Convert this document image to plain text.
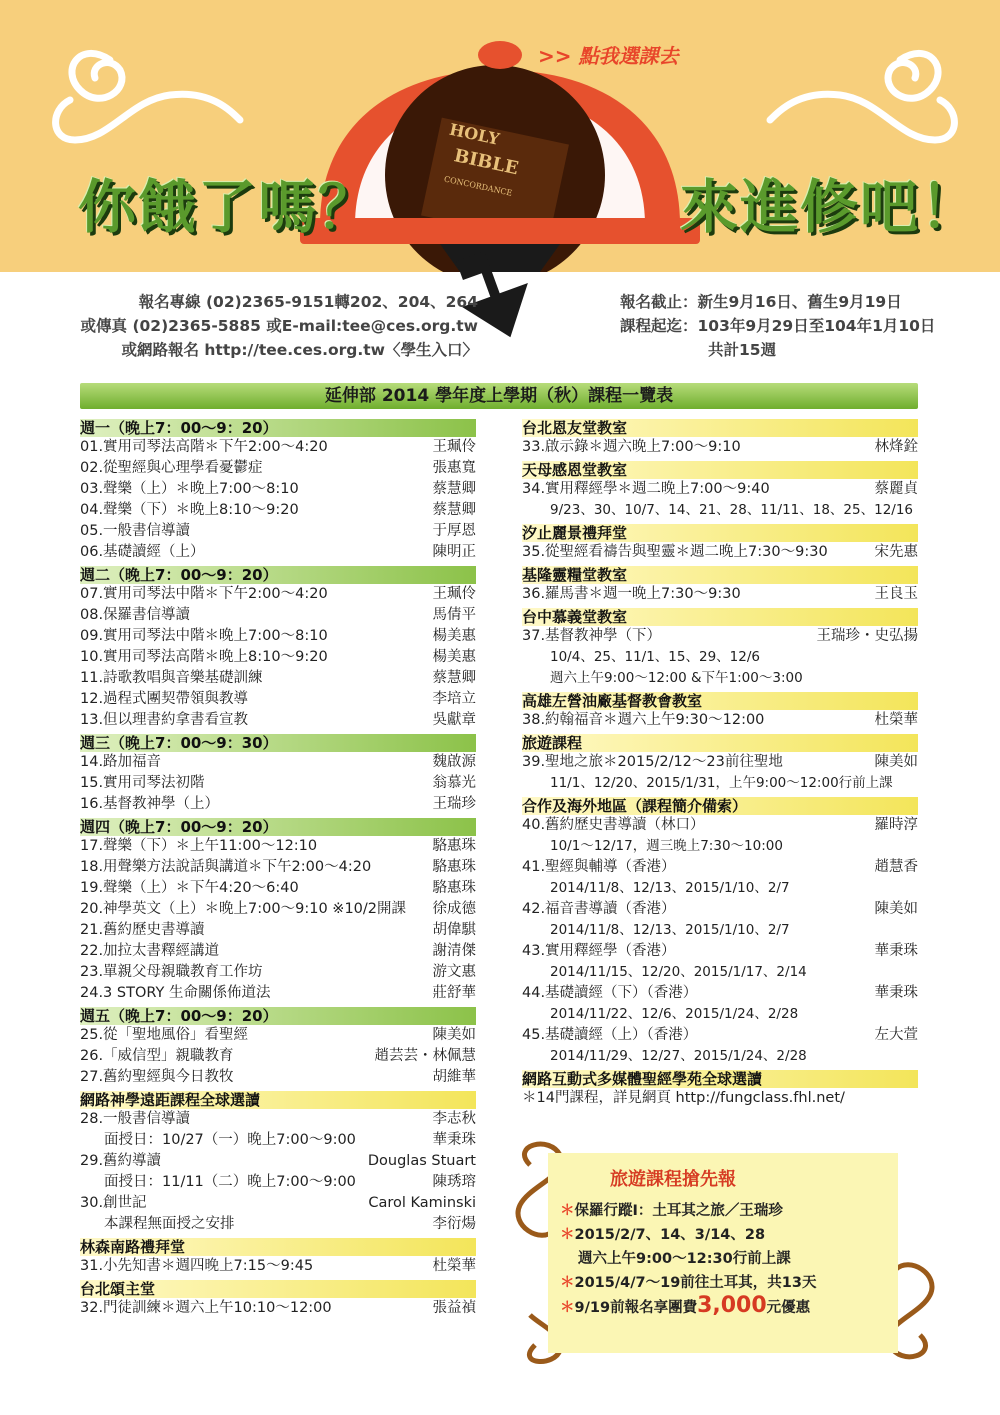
HOLY
BIBLE
CONCORDANCE
你餓了嗎？	來進修吧！
>> 點我選課去
報名專線 (02)2365-9151轉202、204、264
或傳真 (02)2365-5885 或E-mail:tee@ces.org.tw
或網路報名 http://tee.ces.org.tw〈學生入口〉
報名截止：新生9月16日、舊生9月19日
課程起迄：103年9月29日至104年1月10日
共計15週
延伸部 2014 學年度上學期（秋）課程一覽表
週一（晚上7：00～9：20）
01.實用司琴法高階＊下午2:00～4:20	王珮伶
02.從聖經與心理學看憂鬱症	張惠寬
03.聲樂（上）＊晚上7:00～8:10	蔡慧卿
04.聲樂（下）＊晚上8:10～9:20	蔡慧卿
05.一般書信導讀	于厚恩
06.基礎讀經（上）	陳明正
週二（晚上7：00～9：20）
07.實用司琴法中階＊下午2:00～4:20	王珮伶
08.保羅書信導讀	馬倩平
09.實用司琴法中階＊晚上7:00～8:10	楊美惠
10.實用司琴法高階＊晚上8:10～9:20	楊美惠
11.詩歌教唱與音樂基礎訓練	蔡慧卿
12.過程式團契帶領與教導	李培立
13.但以理書約拿書看宣教	吳獻章
週三（晚上7：00～9：30）
14.路加福音	魏啟源
15.實用司琴法初階	翁慕光
16.基督教神學（上）	王瑞珍
週四（晚上7：00～9：20）
17.聲樂（下）＊上午11:00～12:10	駱惠珠
18.用聲樂方法說話與講道＊下午2:00～4:20	駱惠珠
19.聲樂（上）＊下午4:20～6:40	駱惠珠
20.神學英文（上）＊晚上7:00～9:10 ※10/2開課	徐成德
21.舊約歷史書導讀	胡偉騏
22.加拉太書釋經講道	謝清傑
23.單親父母親職教育工作坊	游文惠
24.3 STORY 生命關係佈道法	莊舒華
週五（晚上7：00～9：20）
25.從「聖地風俗」看聖經	陳美如
26.「威信型」親職教育	趙芸芸・林佩慧
27.舊約聖經與今日教牧	胡維華
網路神學遠距課程全球選讀
28.一般書信導讀	李志秋
面授日：10/27（一）晚上7:00～9:00	華秉珠
29.舊約導讀	Douglas Stuart
面授日：11/11（二）晚上7:00～9:00	陳琇瑢
30.創世記	Carol Kaminski
本課程無面授之安排	李衍煬
林森南路禮拜堂
31.小先知書＊週四晚上7:15～9:45	杜榮華
台北頌主堂
32.門徒訓練＊週六上午10:10～12:00	張益禎
台北恩友堂教室
33.啟示錄＊週六晚上7:00～9:10	林烽銓
天母感恩堂教室
34.實用釋經學＊週二晚上7:00～9:40	蔡麗貞
9/23、30、10/7、14、21、28、11/11、18、25、12/16
汐止麗景禮拜堂
35.從聖經看禱告與聖靈＊週二晚上7:30～9:30	宋先惠
基隆靈糧堂教室
36.羅馬書＊週一晚上7:30～9:30	王良玉
台中慕義堂教室
37.基督教神學（下）	王瑞珍・史弘揚
10/4、25、11/1、15、29、12/6
週六上午9:00～12:00 &下午1:00～3:00
高雄左營油廠基督教會教室
38.約翰福音＊週六上午9:30～12:00	杜榮華
旅遊課程
39.聖地之旅＊2015/2/12～23前往聖地	陳美如
11/1、12/20、2015/1/31，上午9:00～12:00行前上課
合作及海外地區（課程簡介備索）
40.舊約歷史書導讀（林口）	羅時淳
10/1～12/17，週三晚上7:30～10:00
41.聖經與輔導（香港）	趙慧香
2014/11/8、12/13、2015/1/10、2/7
42.福音書導讀（香港）	陳美如
2014/11/8、12/13、2015/1/10、2/7
43.實用釋經學（香港）	華秉珠
2014/11/15、12/20、2015/1/17、2/14
44.基礎讀經（下）（香港）	華秉珠
2014/11/22、12/6、2015/1/24、2/28
45.基礎讀經（上）（香港）	左大萱
2014/11/29、12/27、2015/1/24、2/28
網路互動式多媒體聖經學苑全球選讀
＊14門課程，詳見網頁 http://fungclass.fhl.net/
旅遊課程搶先報
＊保羅行蹤Ⅰ：土耳其之旅／王瑞珍
＊2015/2/7、14、3/14、28
週六上午9:00～12:30行前上課
＊2015/4/7～19前往土耳其，共13天
＊9/19前報名享團費3,000元優惠
